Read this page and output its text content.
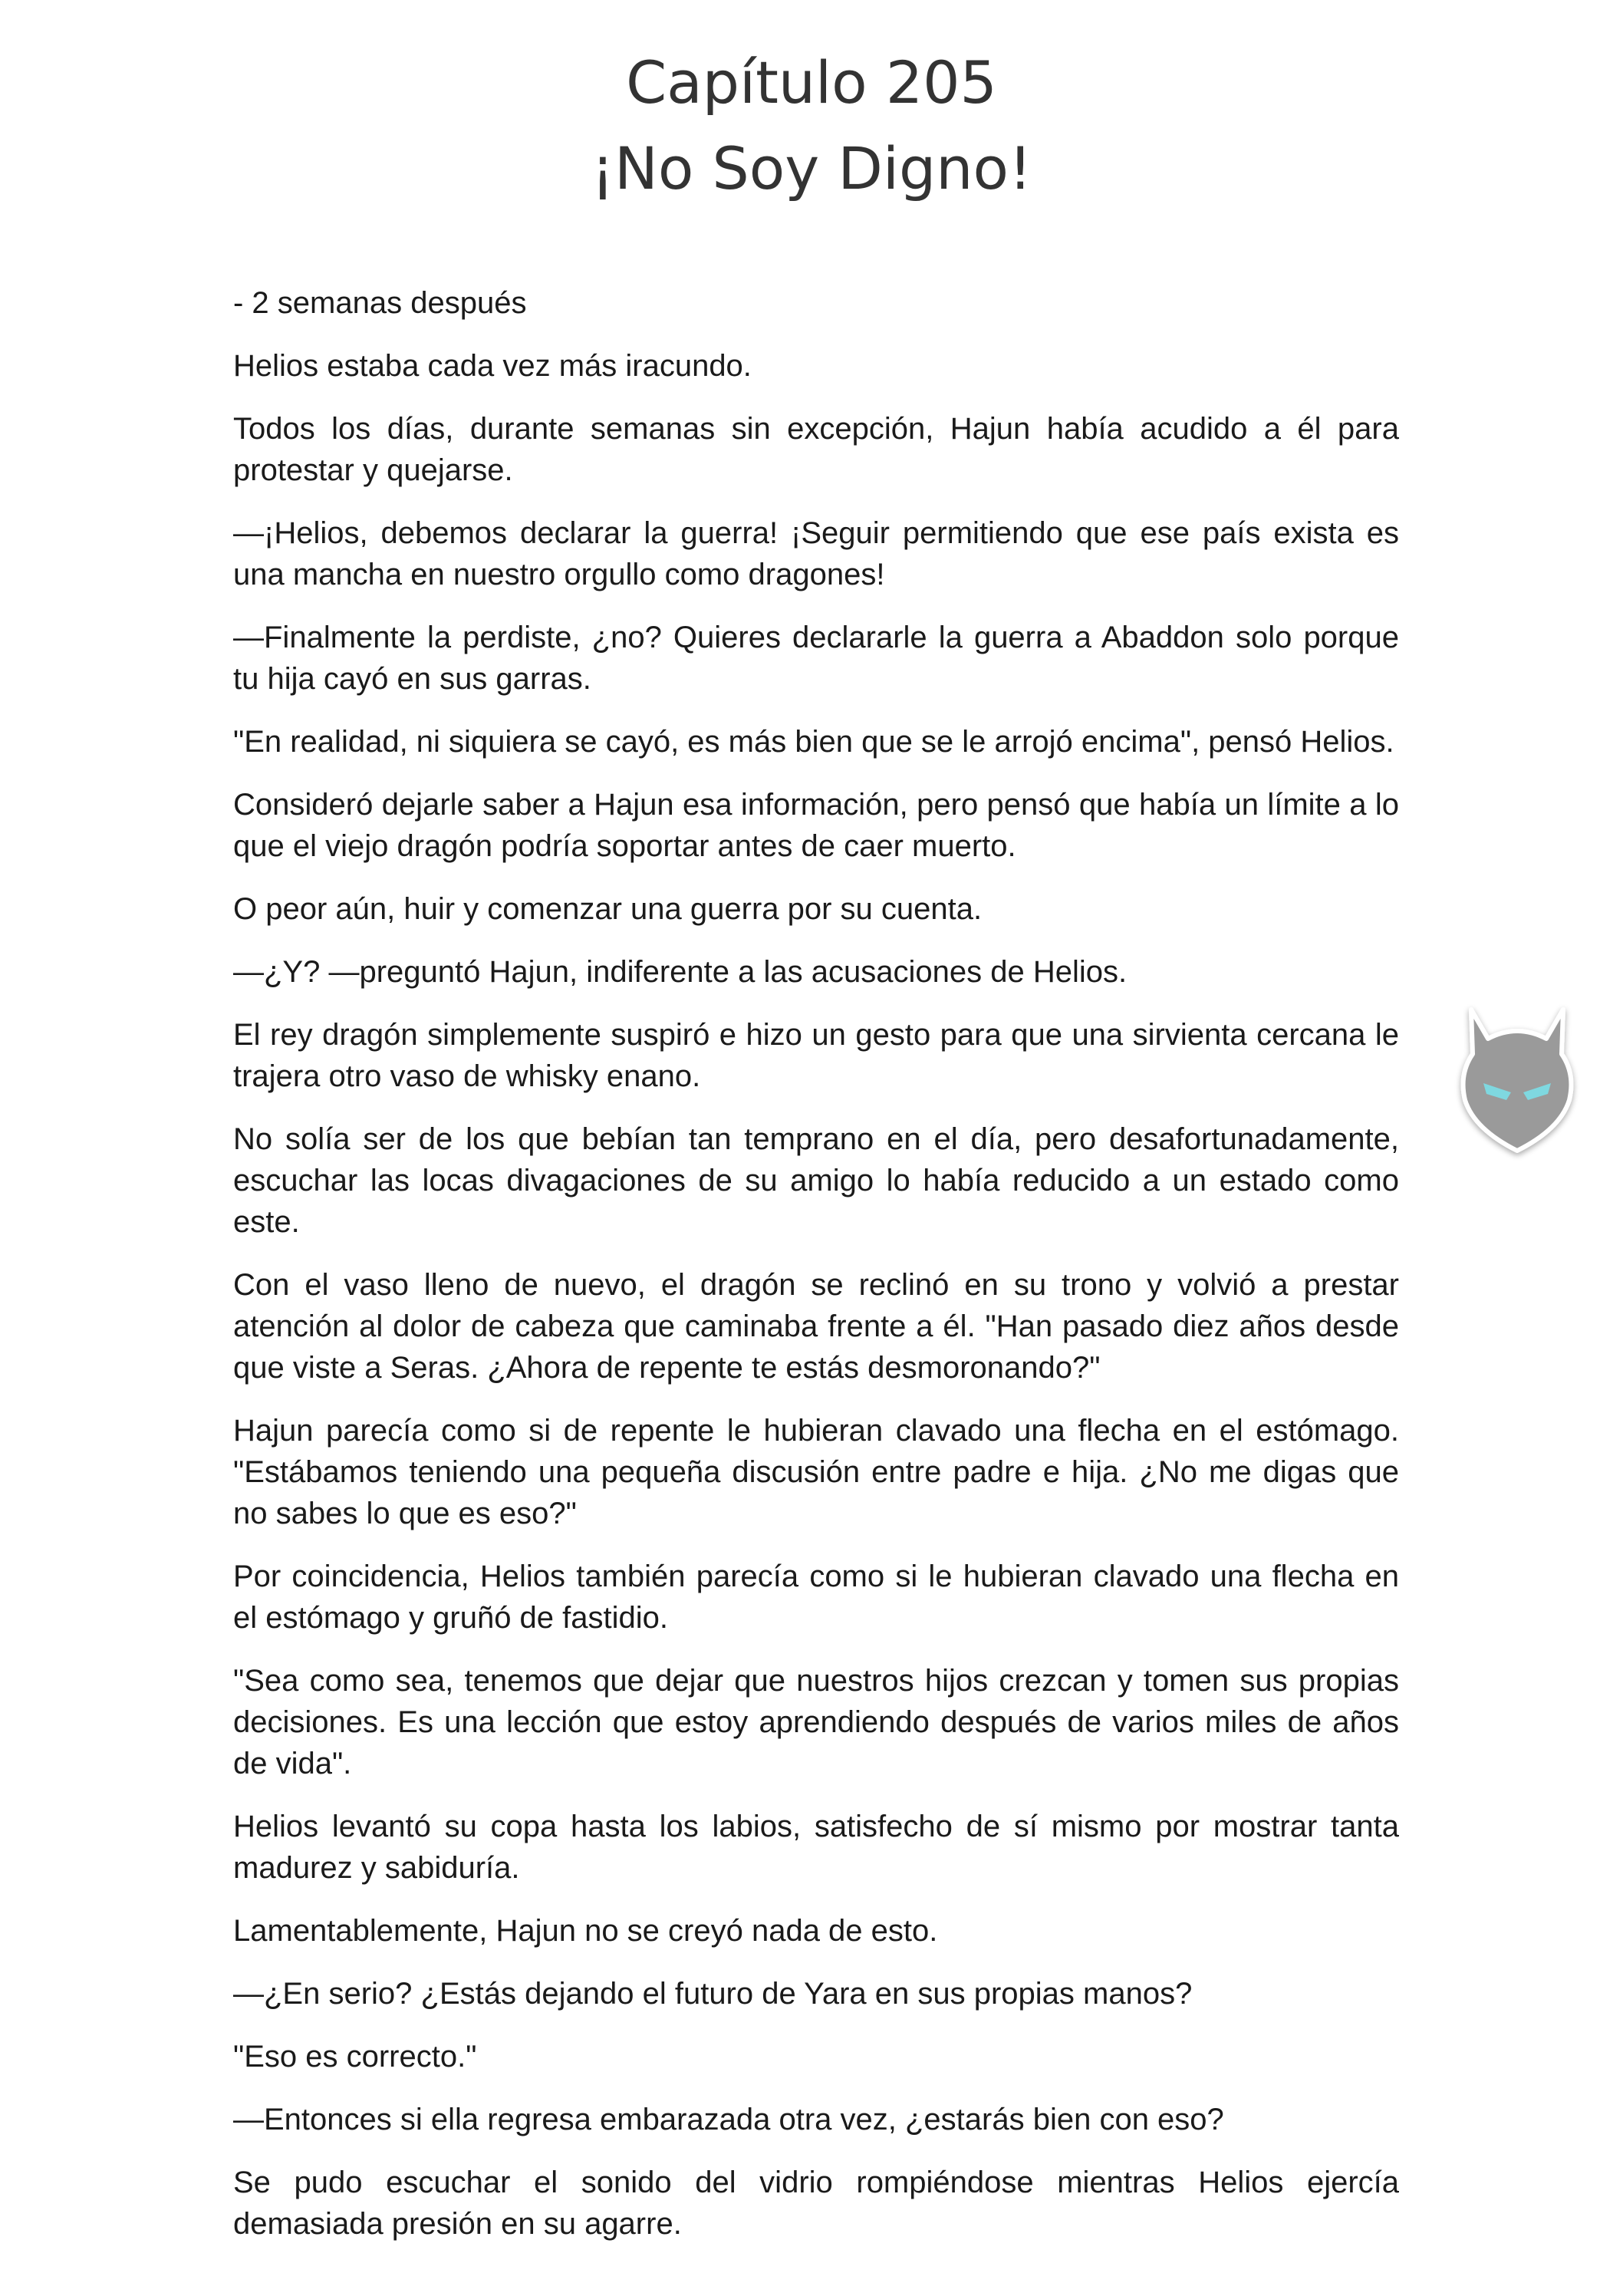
Capítulo 205
¡No Soy Digno!

- 2 semanas después

Helios estaba cada vez más iracundo.

Todos los días, durante semanas sin excepción, Hajun había acudido a él para protestar y quejarse.

—¡Helios, debemos declarar la guerra! ¡Seguir permitiendo que ese país exista es una mancha en nuestro orgullo como dragones!

—Finalmente la perdiste, ¿no? Quieres declararle la guerra a Abaddon solo porque tu hija cayó en sus garras.

"En realidad, ni siquiera se cayó, es más bien que se le arrojó encima", pensó Helios.

Consideró dejarle saber a Hajun esa información, pero pensó que había un límite a lo que el viejo dragón podría soportar antes de caer muerto.

O peor aún, huir y comenzar una guerra por su cuenta.

—¿Y? —preguntó Hajun, indiferente a las acusaciones de Helios.

El rey dragón simplemente suspiró e hizo un gesto para que una sirvienta cercana le trajera otro vaso de whisky enano.

No solía ser de los que bebían tan temprano en el día, pero desafortunadamente, escuchar las locas divagaciones de su amigo lo había reducido a un estado como este.

Con el vaso lleno de nuevo, el dragón se reclinó en su trono y volvió a prestar atención al dolor de cabeza que caminaba frente a él. "Han pasado diez años desde que viste a Seras. ¿Ahora de repente te estás desmoronando?"

Hajun parecía como si de repente le hubieran clavado una flecha en el estómago. "Estábamos teniendo una pequeña discusión entre padre e hija. ¿No me digas que no sabes lo que es eso?"

Por coincidencia, Helios también parecía como si le hubieran clavado una flecha en el estómago y gruñó de fastidio.

"Sea como sea, tenemos que dejar que nuestros hijos crezcan y tomen sus propias decisiones. Es una lección que estoy aprendiendo después de varios miles de años de vida".

Helios levantó su copa hasta los labios, satisfecho de sí mismo por mostrar tanta madurez y sabiduría.

Lamentablemente, Hajun no se creyó nada de esto.

—¿En serio? ¿Estás dejando el futuro de Yara en sus propias manos?

"Eso es correcto."

—Entonces si ella regresa embarazada otra vez, ¿estarás bien con eso?

Se pudo escuchar el sonido del vidrio rompiéndose mientras Helios ejercía demasiada presión en su agarre.
